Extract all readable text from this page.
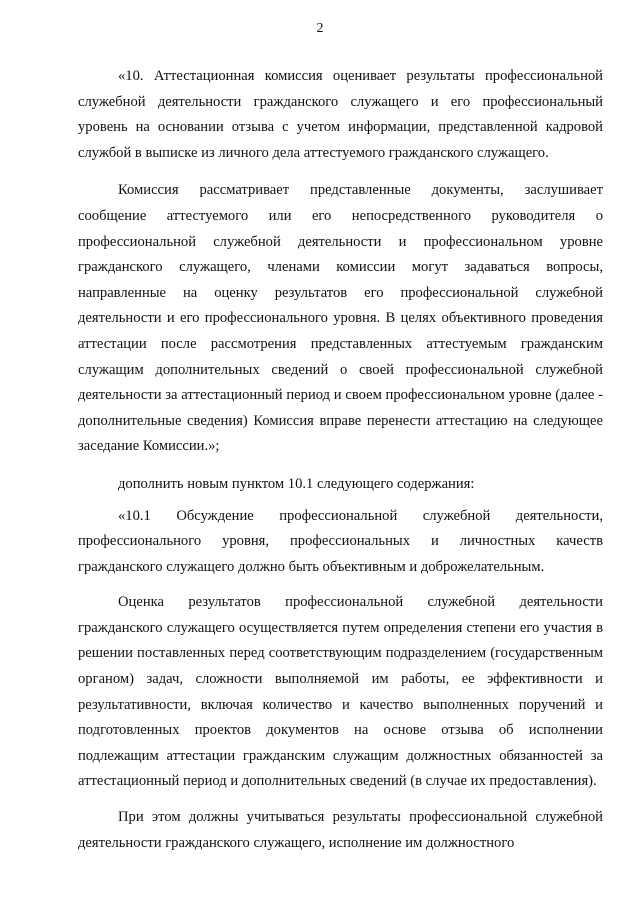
2

«10. Аттестационная комиссия оценивает результаты профессиональной служебной деятельности гражданского служащего и его профессиональный уровень на основании отзыва с учетом информации, представленной кадровой службой в выписке из личного дела аттестуемого гражданского служащего.

Комиссия рассматривает представленные документы, заслушивает сообщение аттестуемого или его непосредственного руководителя о профессиональной служебной деятельности и профессиональном уровне гражданского служащего, членами комиссии могут задаваться вопросы, направленные на оценку результатов его профессиональной служебной деятельности и его профессионального уровня. В целях объективного проведения аттестации после рассмотрения представленных аттестуемым гражданским служащим дополнительных сведений о своей профессиональной служебной деятельности за аттестационный период и своем профессиональном уровне (далее - дополнительные сведения) Комиссия вправе перенести аттестацию на следующее заседание Комиссии.»;

дополнить новым пунктом 10.1 следующего содержания:

«10.1 Обсуждение профессиональной служебной деятельности, профессионального уровня, профессиональных и личностных качеств гражданского служащего должно быть объективным и доброжелательным.

Оценка результатов профессиональной служебной деятельности гражданского служащего осуществляется путем определения степени его участия в решении поставленных перед соответствующим подразделением (государственным органом) задач, сложности выполняемой им работы, ее эффективности и результативности, включая количество и качество выполненных поручений и подготовленных проектов документов на основе отзыва об исполнении подлежащим аттестации гражданским служащим должностных обязанностей за аттестационный период и дополнительных сведений (в случае их предоставления).

При этом должны учитываться результаты профессиональной служебной деятельности гражданского служащего, исполнение им должностного
